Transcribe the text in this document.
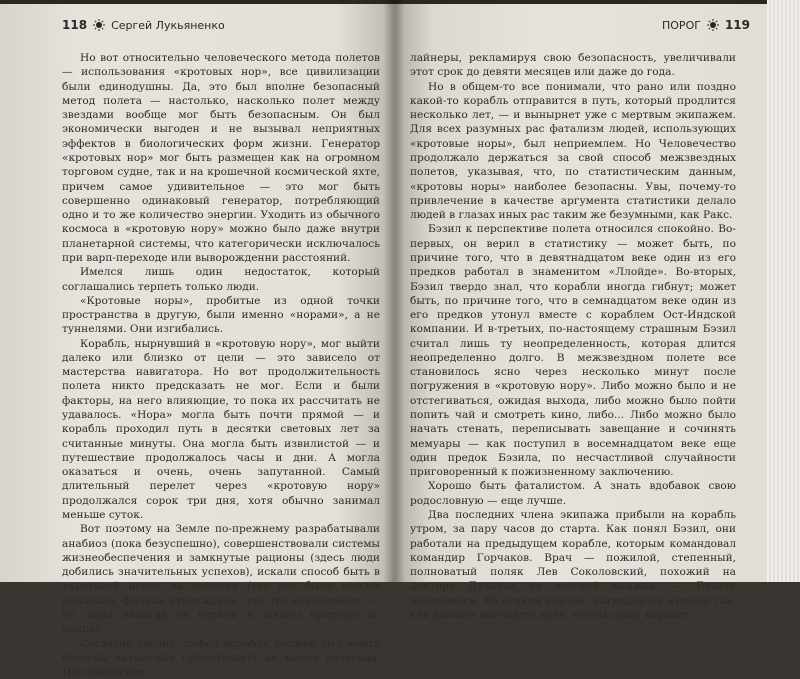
118 Сергей Лукьяненко

Но вот относительно человеческого метода полетов — использования «кротовых нор», все цивилизации были единодушны. Да, это был вполне безопасный метод полета — настолько, насколько полет между звездами вообще мог быть безопасным. Он был экономически выгоден и не вызывал неприятных эффектов в биологических форм жизни. Генератор «кротовых нор» мог быть размещен как на огромном торговом судне, так и на крошечной космической яхте, причем самое удивительное — это мог быть совершенно одинаковый генератор, потребляющий одно и то же количество энергии. Уходить из обычного космоса в «кротовую нору» можно было даже внутри планетарной системы, что категорически исключалось при варп-переходе или выворожденни расстояний.

Имелся лишь один недостаток, который соглашались терпеть только люди.

«Кротовые норы», пробитые из одной точки пространства в другую, были именно «норами», а не туннелями. Они изгибались.

Корабль, нырнувший в «кротовую нору», мог выйти далеко или близко от цели — это зависело от мастерства навигатора. Но вот продолжительность полета никто предсказать не мог. Если и были факторы, на него влияющие, то пока их рассчитать не удавалось. «Нора» могла быть почти прямой — и корабль проходил путь в десятки световых лет за считанные минуты. Она могла быть извилистой — и путешествие продолжалось часы и дни. А могла оказаться и очень, очень запутанной. Самый длительный перелет через «кротовую нору» продолжался сорок три дня, хотя обычно занимал меньше суток.

Вот поэтому на Земле по-прежнему разрабатывали анабиоз (пока безуспешно), совершенствовали системы жизнеобеспечения и замкнутые рационы (здесь люди добились значительных успехов), искали способ быть в «кротовой норе» на полпути (тут все было совсем печально, физика утверждала, что это невозможно, — но люди никогда не верили в законы природы до конца).

Согласно закону, любой корабль должен был иметь способы автономно существовать не менее полугода. Пассажирские

ПОРОГ 119

лайнеры, рекламируя свою безопасность, увеличивали этот срок до девяти месяцев или даже до года.

Но в общем-то все понимали, что рано или поздно какой-то корабль отправится в путь, который продлится несколько лет, — и вынырнет уже с мертвым экипажем. Для всех разумных рас фатализм людей, использующих «кротовые норы», был неприемлем. Но Человечество продолжало держаться за свой способ межзвездных полетов, указывая, что, по статистическим данным, «кротовы норы» наиболее безопасны. Увы, почему-то привлечение в качестве аргумента статистики делало людей в глазах иных рас таким же безумными, как Ракс.

Бэзил к перспективе полета относился спокойно. Во-первых, он верил в статистику — может быть, по причине того, что в девятнадцатом веке один из его предков работал в знаменитом «Ллойде». Во-вторых, Бэзил твердо знал, что корабли иногда гибнут; может быть, по причине того, что в семнадцатом веке один из его предков утонул вместе с кораблем Ост-Индской компании. И в-третьих, по-настоящему страшным Бэзил считал лишь ту неопределенность, которая длится неопределенно долго. В межзвездном полете все становилось ясно через несколько минут после погружения в «кротовую нору». Либо можно было и не отстегиваться, ожидая выхода, либо можно было пойти попить чай и смотреть кино, либо... Либо можно было начать стенать, переписывать завещание и сочинять мемуары — как поступил в восемнадцатом веке еще один предок Бэзила, по несчастливой случайности приговоренный к пожизненному заключению.

Хорошо быть фаталистом. А знать вдобавок свою родословную — еще лучше.

Два последних члена экипажа прибыли на корабль утром, за пару часов до старта. Как понял Бэзил, они работали на предыдущем корабле, которым командовал командир Горчаков. Врач — пожилой, степенный, полноватый поляк Лев Соколовский, похожий на доктора Дулитла из детской книжки, — Бэзилу понравился. Во всяком случае, выглядел он именно так, как должен выглядеть врач, чтобы сразу внушать
